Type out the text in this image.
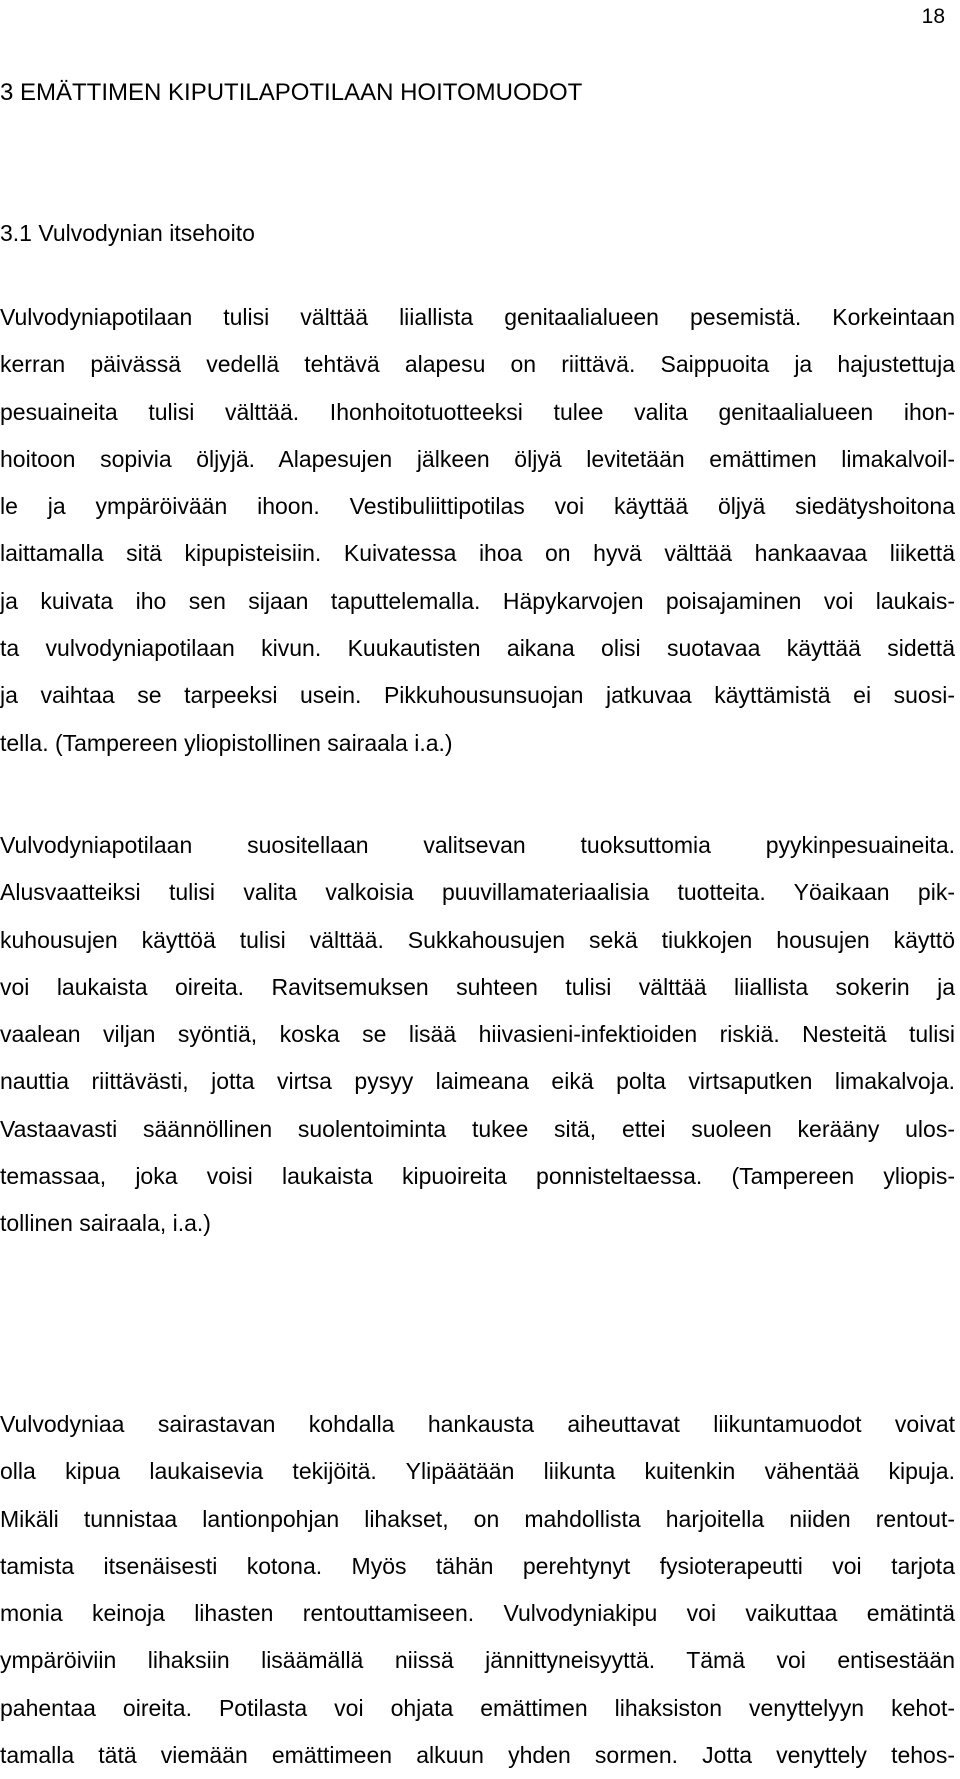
18
3 EMÄTTIMEN KIPUTILAPOTILAAN HOITOMUODOT
3.1 Vulvodynian itsehoito
Vulvodyniapotilaan tulisi välttää liiallista genitaalialueen pesemistä. Korkeintaan
kerran päivässä vedellä tehtävä alapesu on riittävä. Saippuoita ja hajustettuja
pesuaineita tulisi välttää. Ihonhoitotuotteeksi tulee valita genitaalialueen ihon-
hoitoon sopivia öljyjä. Alapesujen jälkeen öljyä levitetään emättimen limakalvoil-
le ja ympäröivään ihoon. Vestibuliittipotilas voi käyttää öljyä siedätyshoitona
laittamalla sitä kipupisteisiin. Kuivatessa ihoa on hyvä välttää hankaavaa liikettä
ja kuivata iho sen sijaan taputtelemalla. Häpykarvojen poisajaminen voi laukais-
ta vulvodyniapotilaan kivun. Kuukautisten aikana olisi suotavaa käyttää sidettä
ja vaihtaa se tarpeeksi usein. Pikkuhousunsuojan jatkuvaa käyttämistä ei suosi-
tella. (Tampereen yliopistollinen sairaala i.a.)
Vulvodyniapotilaan suositellaan valitsevan tuoksuttomia pyykinpesuaineita.
Alusvaatteiksi tulisi valita valkoisia puuvillamateriaalisia tuotteita. Yöaikaan pik-
kuhousujen käyttöä tulisi välttää. Sukkahousujen sekä tiukkojen housujen käyttö
voi laukaista oireita. Ravitsemuksen suhteen tulisi välttää liiallista sokerin ja
vaalean viljan syöntiä, koska se lisää hiivasieni-infektioiden riskiä. Nesteitä tulisi
nauttia riittävästi, jotta virtsa pysyy laimeana eikä polta virtsaputken limakalvoja.
Vastaavasti säännöllinen suolentoiminta tukee sitä, ettei suoleen kerääny ulos-
temassaa, joka voisi laukaista kipuoireita ponnisteltaessa. (Tampereen yliopis-
tollinen sairaala, i.a.)
Vulvodyniaa sairastavan kohdalla hankausta aiheuttavat liikuntamuodot voivat
olla kipua laukaisevia tekijöitä. Ylipäätään liikunta kuitenkin vähentää kipuja.
Mikäli tunnistaa lantionpohjan lihakset, on mahdollista harjoitella niiden rentout-
tamista itsenäisesti kotona. Myös tähän perehtynyt fysioterapeutti voi tarjota
monia keinoja lihasten rentouttamiseen. Vulvodyniakipu voi vaikuttaa emätintä
ympäröiviin lihaksiin lisäämällä niissä jännittyneisyyttä. Tämä voi entisestään
pahentaa oireita. Potilasta voi ohjata emättimen lihaksiston venyttelyyn kehot-
tamalla tätä viemään emättimeen alkuun yhden sormen. Jotta venyttely tehos-
